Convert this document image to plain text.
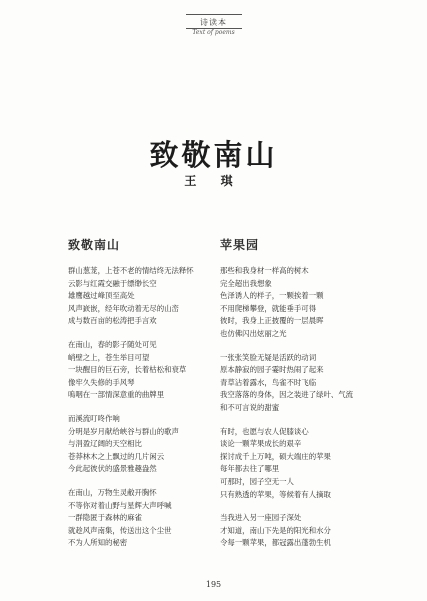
诗读本
Text of poems
致敬南山
王 琪
致敬南山
群山葱茏，上苍不老的情结终无法释怀
云影与红霞交融于缥缈长空
雄鹰越过峰顶至高处
风声嶔嵌，经年吹动着无尽的山峦
成与数百亩的松涛把手言欢
在南山，春的影子随处可见
峭壁之上，苍生举目可望
一块醒目的巨石旁，长着枯松和衰草
像牢久失修的手风琴
嗚咽在一部情深意重的曲牌里
而溪流叮咚作响
分明是岁月献给峡谷与群山的歌声
与涓盈辽阔的天空相比
苍莽林木之上飘过的几片闲云
今此起彼伏的盛景雅趣盎然
在南山，万物生灵敝开胸怀
不等你对着山野与星辉大声呼喊
一群隐匿于森林的麻雀
就趁风声南集，传送出这个尘世
不为人所知的秘密
苹果园
那些和我身材一样高的树木
完全超出我想象
色泽诱人的样子，一颗挨着一颗
不用爬梯攀登，就能垂手可得
彼时，我身上正披覆的一层晨晖
也仿佛闪出炫丽之光
一张张笑脸无疑是活跃的动词
原本静寂的园子霎时热闹了起来
青草沾着露水，鸟雀不时飞临
我空落落的身体，因之装进了绿叶、气流
和不可言说的甜蜜
有时，也愿与农人促膝谈心
谈论一颗苹果成长的艰辛
探讨成千上万吨，硕大端庄的苹果
每年都去往了哪里
可那时，园子空无一人
只有熟透的苹果，等候着有人摘取
当我进入另一座园子深处
才知道，南山下先是的阳光和水分
令每一颗苹果，都冠露出蓬勃生机
195
